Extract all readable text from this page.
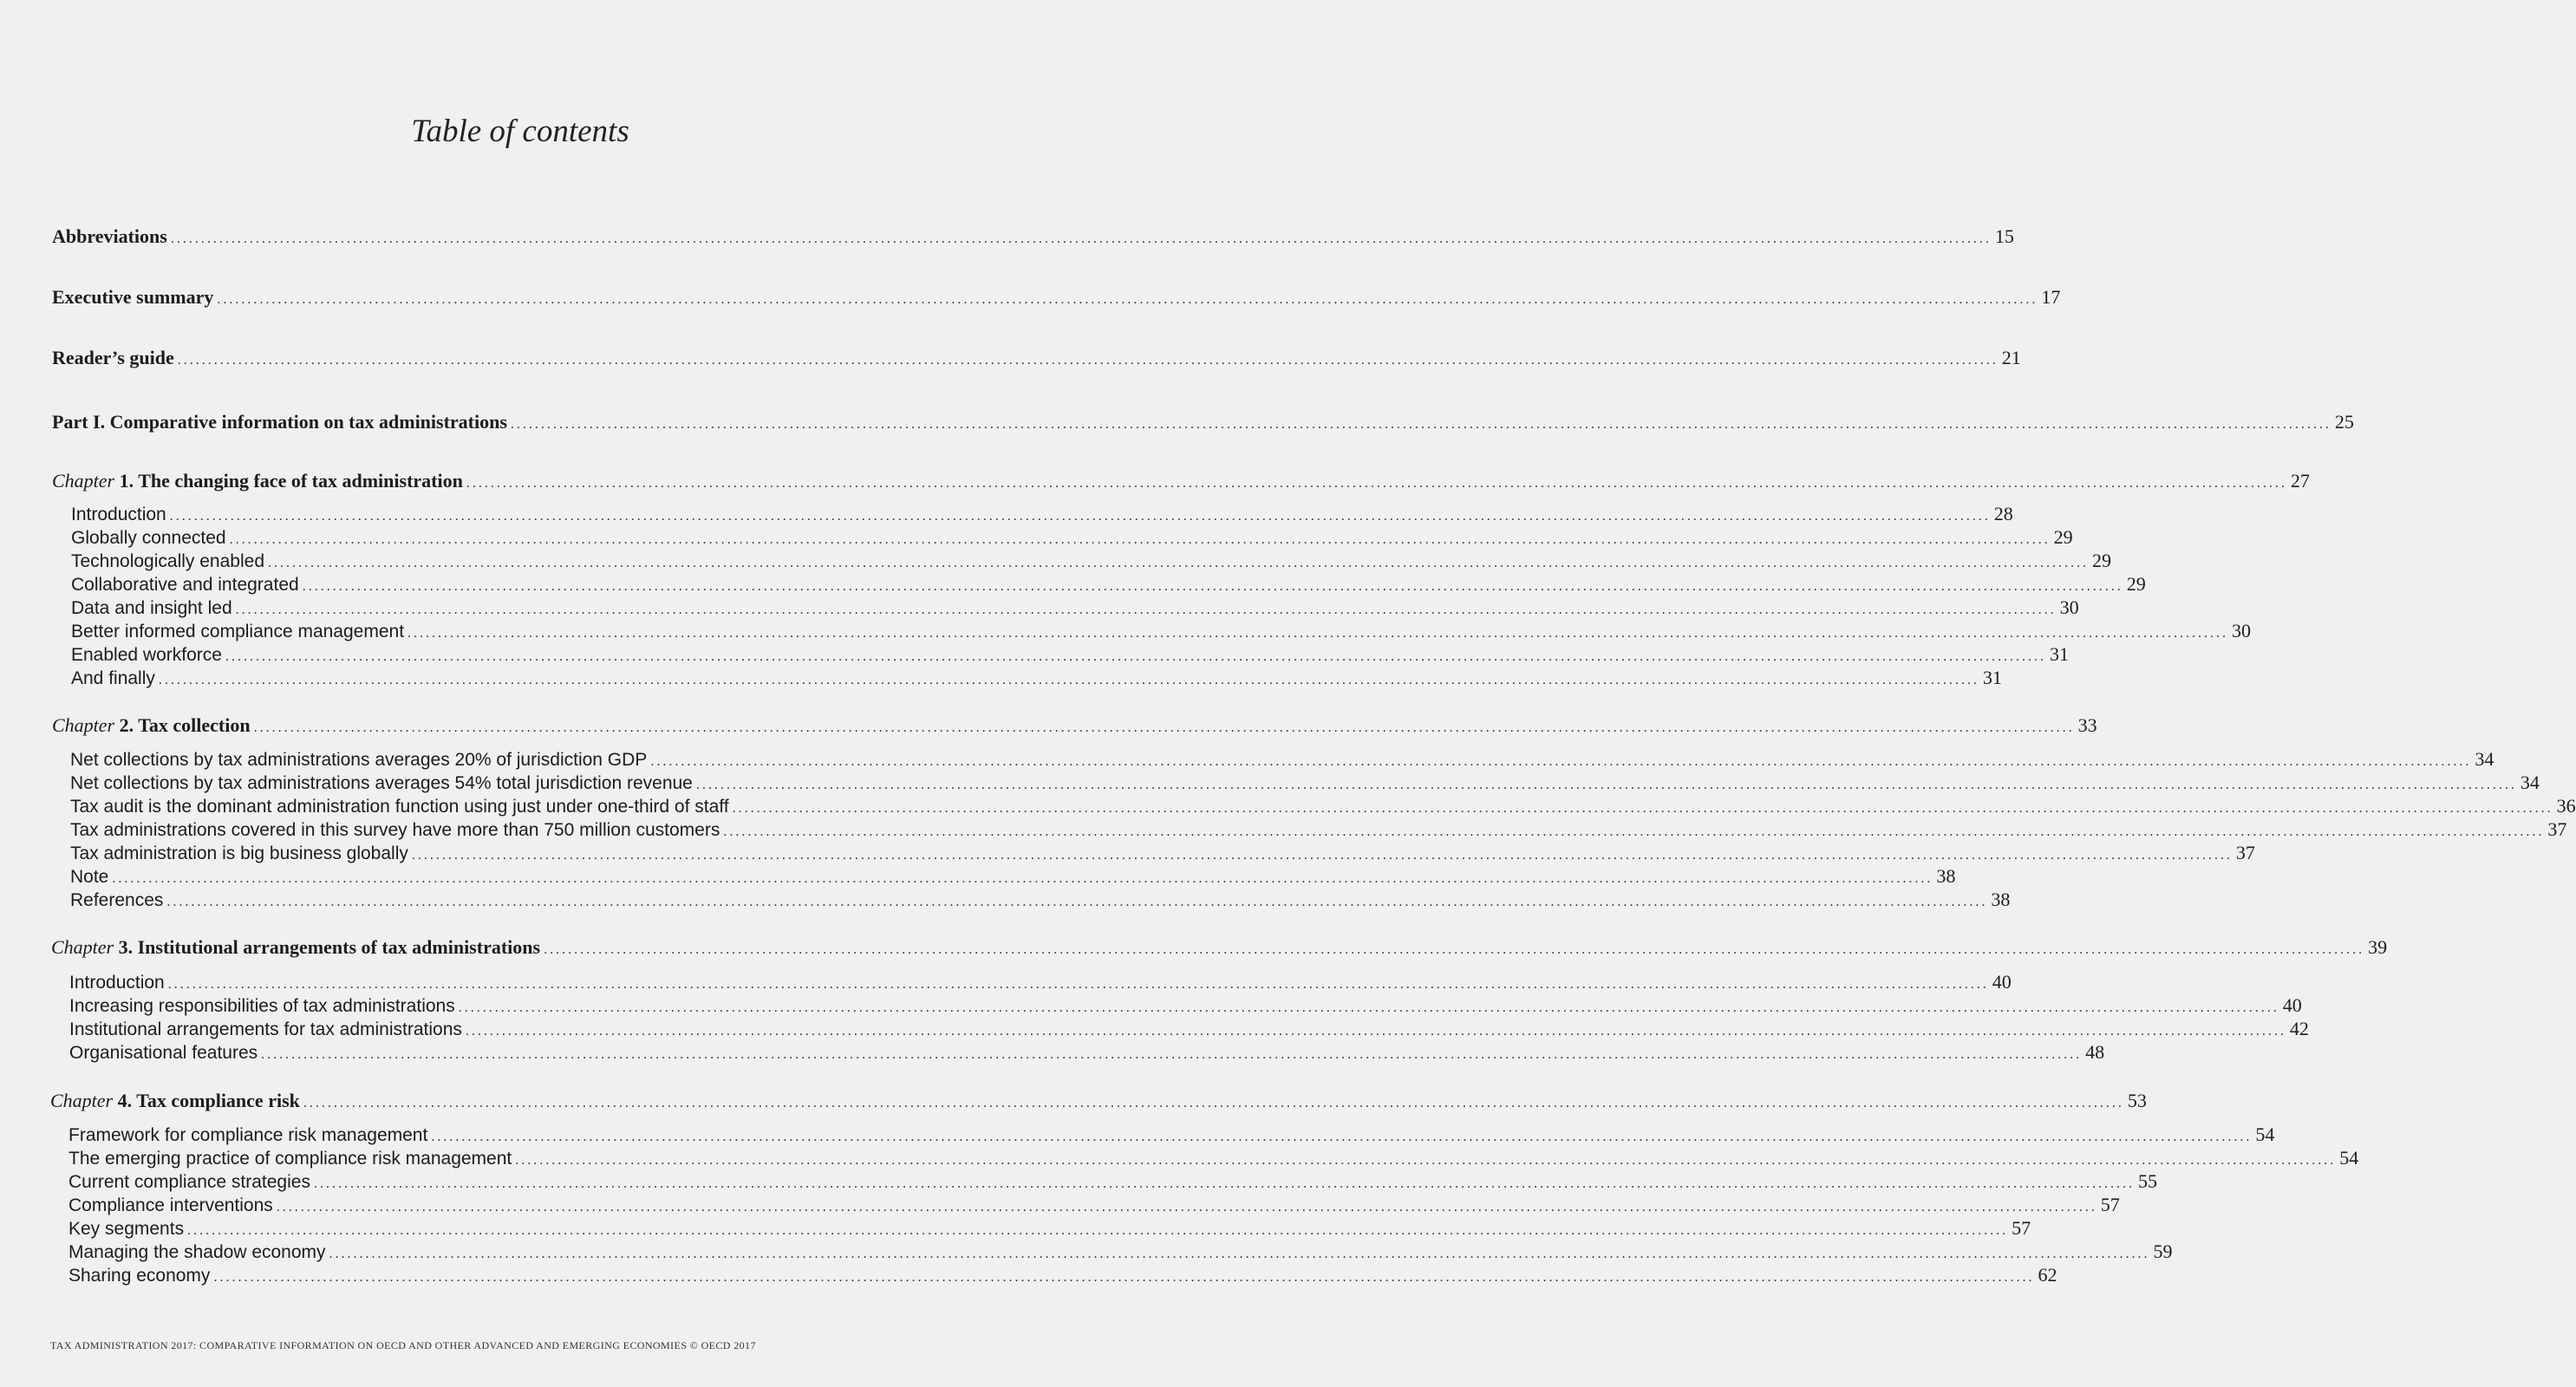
Table of contents
Abbreviations ............................................................................................................................................................................................................................................................................................................ 15
Executive summary ............................................................................................................................................................................................................................................................................................................ 17
Reader’s guide ............................................................................................................................................................................................................................................................................................................ 21
Part I. Comparative information on tax administrations ............................................................................................................................................................................................................................................................................................................ 25
Chapter 1. The changing face of tax administration ............................................................................................................................................................................................................................................................................................................ 27
Introduction ............................................................................................................................................................................................................................................................................................................ 28
Globally connected ............................................................................................................................................................................................................................................................................................................ 29
Technologically enabled ............................................................................................................................................................................................................................................................................................................ 29
Collaborative and integrated ............................................................................................................................................................................................................................................................................................................ 29
Data and insight led ............................................................................................................................................................................................................................................................................................................ 30
Better informed compliance management ............................................................................................................................................................................................................................................................................................................ 30
Enabled workforce ............................................................................................................................................................................................................................................................................................................ 31
And finally ............................................................................................................................................................................................................................................................................................................ 31
Chapter 2. Tax collection ............................................................................................................................................................................................................................................................................................................ 33
Net collections by tax administrations averages 20% of jurisdiction GDP ............................................................................................................................................................................................................................................................................................................ 34
Net collections by tax administrations averages 54% total jurisdiction revenue ............................................................................................................................................................................................................................................................................................................ 34
Tax audit is the dominant administration function using just under one-third of staff ............................................................................................................................................................................................................................................................................................................ 36
Tax administrations covered in this survey have more than 750 million customers ............................................................................................................................................................................................................................................................................................................ 37
Tax administration is big business globally ............................................................................................................................................................................................................................................................................................................ 37
Note ............................................................................................................................................................................................................................................................................................................ 38
References ............................................................................................................................................................................................................................................................................................................ 38
Chapter 3. Institutional arrangements of tax administrations ............................................................................................................................................................................................................................................................................................................ 39
Introduction ............................................................................................................................................................................................................................................................................................................ 40
Increasing responsibilities of tax administrations ............................................................................................................................................................................................................................................................................................................ 40
Institutional arrangements for tax administrations ............................................................................................................................................................................................................................................................................................................ 42
Organisational features ............................................................................................................................................................................................................................................................................................................ 48
Chapter 4. Tax compliance risk ............................................................................................................................................................................................................................................................................................................ 53
Framework for compliance risk management ............................................................................................................................................................................................................................................................................................................ 54
The emerging practice of compliance risk management ............................................................................................................................................................................................................................................................................................................ 54
Current compliance strategies ............................................................................................................................................................................................................................................................................................................ 55
Compliance interventions ............................................................................................................................................................................................................................................................................................................ 57
Key segments ............................................................................................................................................................................................................................................................................................................ 57
Managing the shadow economy ............................................................................................................................................................................................................................................................................................................ 59
Sharing economy ............................................................................................................................................................................................................................................................................................................ 62
TAX ADMINISTRATION 2017: COMPARATIVE INFORMATION ON OECD AND OTHER ADVANCED AND EMERGING ECONOMIES © OECD 2017
